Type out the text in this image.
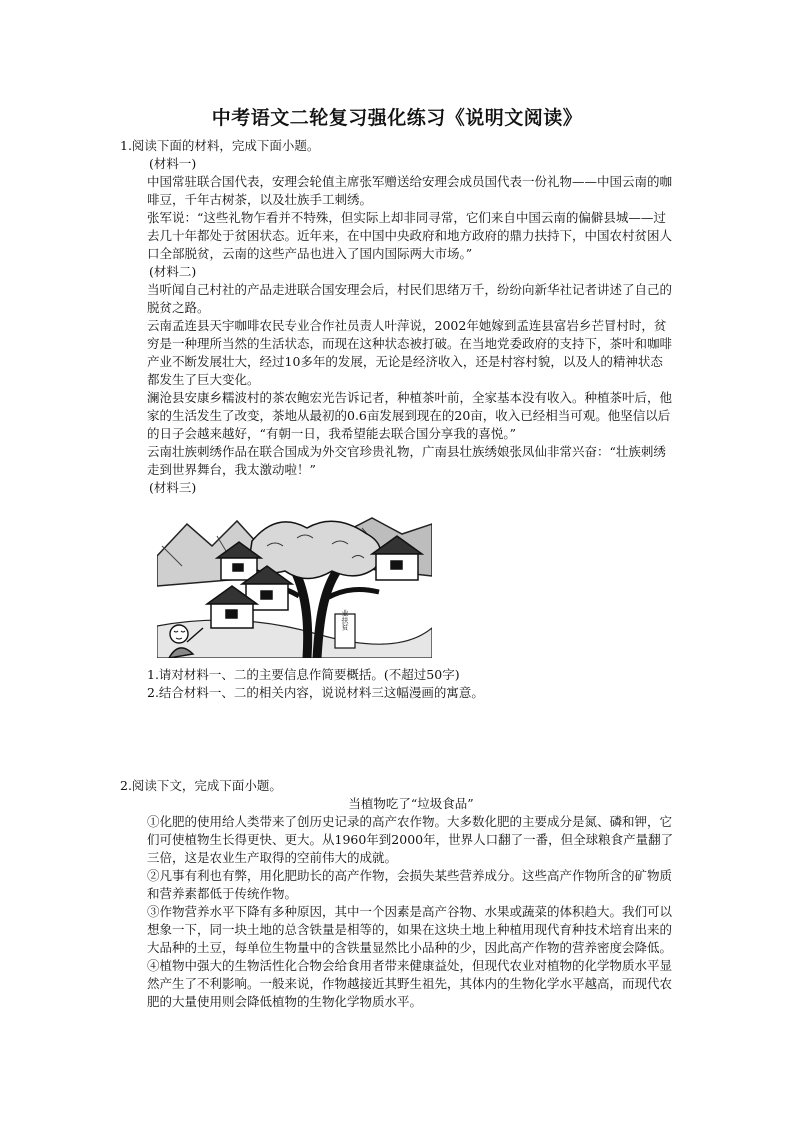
中考语文二轮复习强化练习《说明文阅读》
1.阅读下面的材料，完成下面小题。

(材料一)

中国常驻联合国代表，安理会轮值主席张军赠送给安理会成员国代表一份礼物——中国云南的咖啡豆，千年古树茶，以及壮族手工刺绣。

张军说：“这些礼物乍看并不特殊，但实际上却非同寻常，它们来自中国云南的偏僻县城——过去几十年都处于贫困状态。近年来，在中国中央政府和地方政府的鼎力扶持下，中国农村贫困人口全部脱贫，云南的这些产品也进入了国内国际两大市场。”

(材料二)

当听闻自己村社的产品走进联合国安理会后，村民们思绪万千，纷纷向新华社记者讲述了自己的脱贫之路。

云南孟连县天宇咖啡农民专业合作社员责人叶萍说，2002年她嫁到孟连县富岩乡芒冒村时，贫穷是一种理所当然的生活状态，而现在这种状态被打破。在当地党委政府的支持下，茶叶和咖啡产业不断发展壮大，经过10多年的发展，无论是经济收入，还是村容村貌，以及人的精神状态都发生了巨大变化。

澜沧县安康乡糯波村的茶农鲍宏光告诉记者，种植茶叶前，全家基本没有收入。种植茶叶后，他家的生活发生了改变，茶地从最初的0.6亩发展到现在的20亩，收入已经相当可观。他坚信以后的日子会越来越好，“有朝一日，我希望能去联合国分享我的喜悦。”

云南壮族刺绣作品在联合国成为外交官珍贵礼物，广南县壮族绣娘张凤仙非常兴奋：“壮族刺绣走到世界舞台，我太激动啦！”

(材料三)

业扶贫

1.请对材料一、二的主要信息作简要概括。(不超过50字)

2.结合材料一、二的相关内容，说说材料三这幅漫画的寓意。

2.阅读下文，完成下面小题。

当植物吃了“垃圾食品”

①化肥的使用给人类带来了创历史记录的高产农作物。大多数化肥的主要成分是氮、磷和钾，它们可使植物生长得更快、更大。从1960年到2000年，世界人口翻了一番，但全球粮食产量翻了三倍，这是农业生产取得的空前伟大的成就。

②凡事有利也有弊，用化肥助长的高产作物，会损失某些营养成分。这些高产作物所含的矿物质和营养素都低于传统作物。

③作物营养水平下降有多种原因，其中一个因素是高产谷物、水果或蔬菜的体积趋大。我们可以想象一下，同一块土地的总含铁量是相等的，如果在这块土地上种植用现代育种技术培育出来的大品种的土豆，每单位生物量中的含铁量显然比小品种的少，因此高产作物的营养密度会降低。

④植物中强大的生物活性化合物会给食用者带来健康益处，但现代农业对植物的化学物质水平显然产生了不利影响。一般来说，作物越接近其野生祖先，其体内的生物化学水平越高，而现代农肥的大量使用则会降低植物的生物化学物质水平。
